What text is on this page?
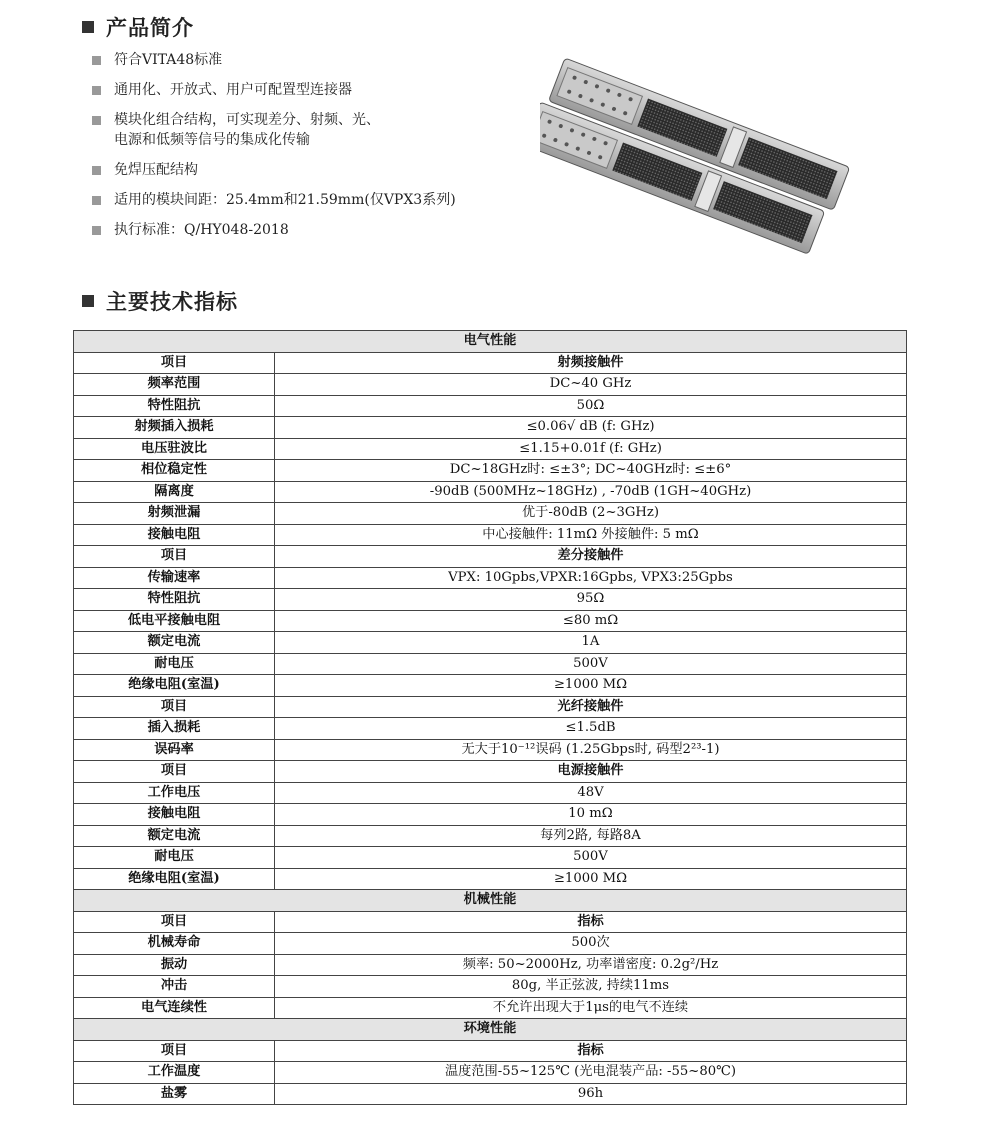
产品简介
符合VITA48标准
通用化、开放式、用户可配置型连接器
模块化组合结构，可实现差分、射频、光、
电源和低频等信号的集成化传输
免焊压配结构
适用的模块间距：25.4mm和21.59mm(仅VPX3系列)
执行标准：Q/HY048-2018
主要技术指标
电气性能	
项目	射频接触件
频率范围	DC~40 GHz
特性阻抗	50Ω
射频插入损耗	≤0.06√ dB (f: GHz)
电压驻波比	≤1.15+0.01f (f: GHz)
相位稳定性	DC~18GHz时: ≤±3°; DC~40GHz时: ≤±6°
隔离度	-90dB (500MHz~18GHz) , -70dB (1GH~40GHz)
射频泄漏	优于-80dB (2~3GHz)
接触电阻	中心接触件: 11mΩ 外接触件: 5 mΩ
项目	差分接触件
传输速率	VPX: 10Gpbs,VPXR:16Gpbs, VPX3:25Gpbs
特性阻抗	95Ω
低电平接触电阻	≤80 mΩ
额定电流	1A
耐电压	500V
绝缘电阻(室温)	≥1000 MΩ
项目	光纤接触件
插入损耗	≤1.5dB
误码率	无大于10⁻¹²误码 (1.25Gbps时, 码型2²³-1)
项目	电源接触件
工作电压	48V
接触电阻	10 mΩ
额定电流	每列2路, 每路8A
耐电压	500V
绝缘电阻(室温)	≥1000 MΩ
机械性能	
项目	指标
机械寿命	500次
振动	频率: 50~2000Hz, 功率谱密度: 0.2g²/Hz
冲击	80g, 半正弦波, 持续11ms
电气连续性	不允许出现大于1μs的电气不连续
环境性能	
项目	指标
工作温度	温度范围-55~125℃ (光电混装产品: -55~80℃)
盐雾	96h
